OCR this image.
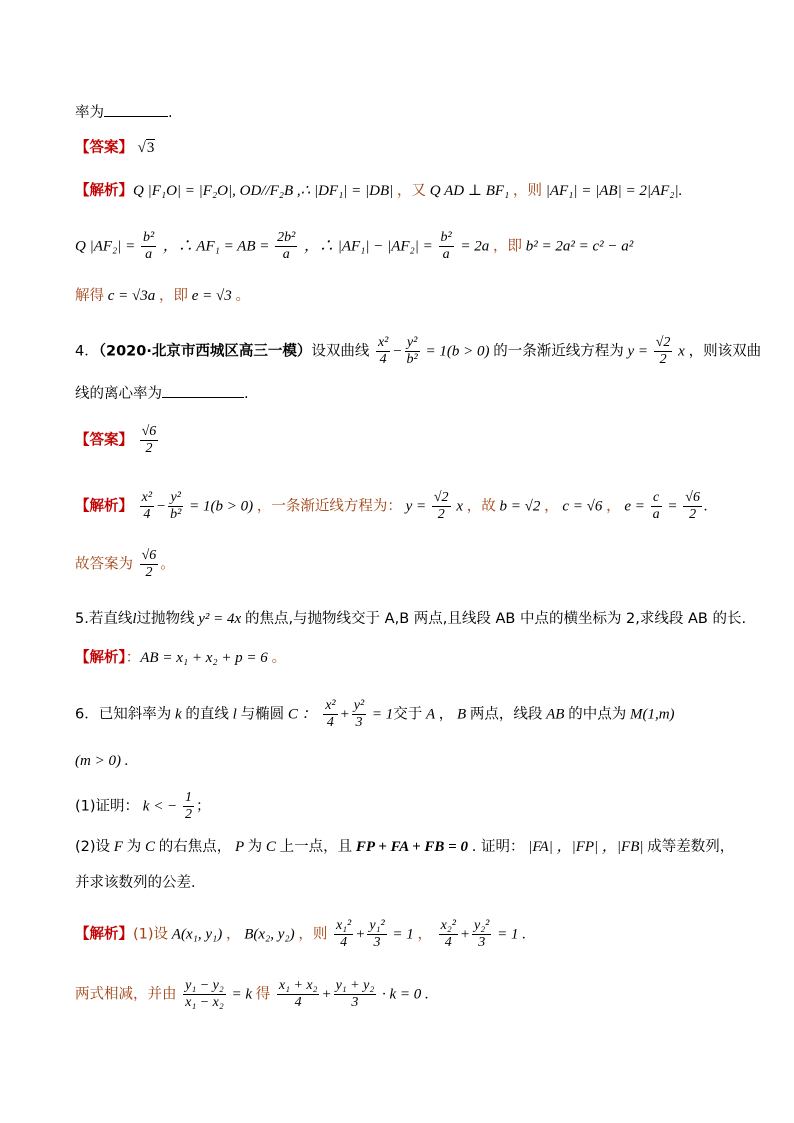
率为	.
【答案】 √3
【解析】Q |F₁O| = |F₂O|, OD//F₂B ,∴ |DF₁| = |DB| ，又 Q AD ⊥ BF₁ ，则 |AF₁| = |AB| = 2|AF₂|.
Q $|AF_2| = \frac{\text{b²}}{a}$ ，∴ AF₁ = AB = $\frac{\text{2b²}}{a}$ ，∴ $|AF_1| - |AF_2| = \frac{\text{b²}}{a} = 2a$ ，即 b² = 2a² = c² − a²
解得 c = √3a ，即 e = √3 。
4．（2020·北京市西城区高三一模）设双曲线 $\frac{\text{x²}}{4} - \frac{\text{y²}}{\text{b²}} = 1(b > 0)$ 的一条渐近线方程为 $y = \frac{√2}{2}$ x ，则该双曲
线的离心率为	.
【答案】 $\frac{√6}{2}$
【解析】 $\frac{\text{x²}}{4} - \frac{\text{y²}}{\text{b²}} = 1(b > 0)$ ，一条渐近线方程为： $y = \frac{√2}{2}$ x ，故 b = √2 ， c = √6 ， $e = \frac{c}{a} = \frac{√6}{2}$ .
故答案为 $\frac{√6}{2}$ 。
5.若直线l过抛物线 y² = 4x 的焦点,与抛物线交于 A,B 两点,且线段 AB 中点的横坐标为 2,求线段 AB 的长.
【解析】：AB = x₁ + x₂ + p = 6 。
6．已知斜率为 k 的直线 l 与椭圆 C ： $\frac{\text{x²}}{4} + \frac{\text{y²}}{3} = 1$交于 A ， B 两点，线段 AB 的中点为 M(1,m)
(m > 0) .
(1)证明： k < − $\frac{1}{2}$ ；
(2)设 F 为 C 的右焦点， P 为 C 上一点，且 FP + FA + FB = 0 . 证明： |FA| ，|FP| ，|FB| 成等差数列，
并求该数列的公差．
【解析】(1)设 A(x₁, y₁) ， B(x₂, y₂) ，则 $\frac{\text{x₁²}}{4} + \frac{\text{y₁²}}{3} = 1$ ， $\frac{\text{x₂²}}{4} + \frac{\text{y₂²}}{3} = 1$ .
两式相减，并由 $\frac{\text{y₁ − y₂}}{\text{x₁ − x₂}} = k$ 得 $\frac{\text{x₁ + x₂}}{4} + \frac{\text{y₁ + y₂}}{3} \cdot k = 0$ .
